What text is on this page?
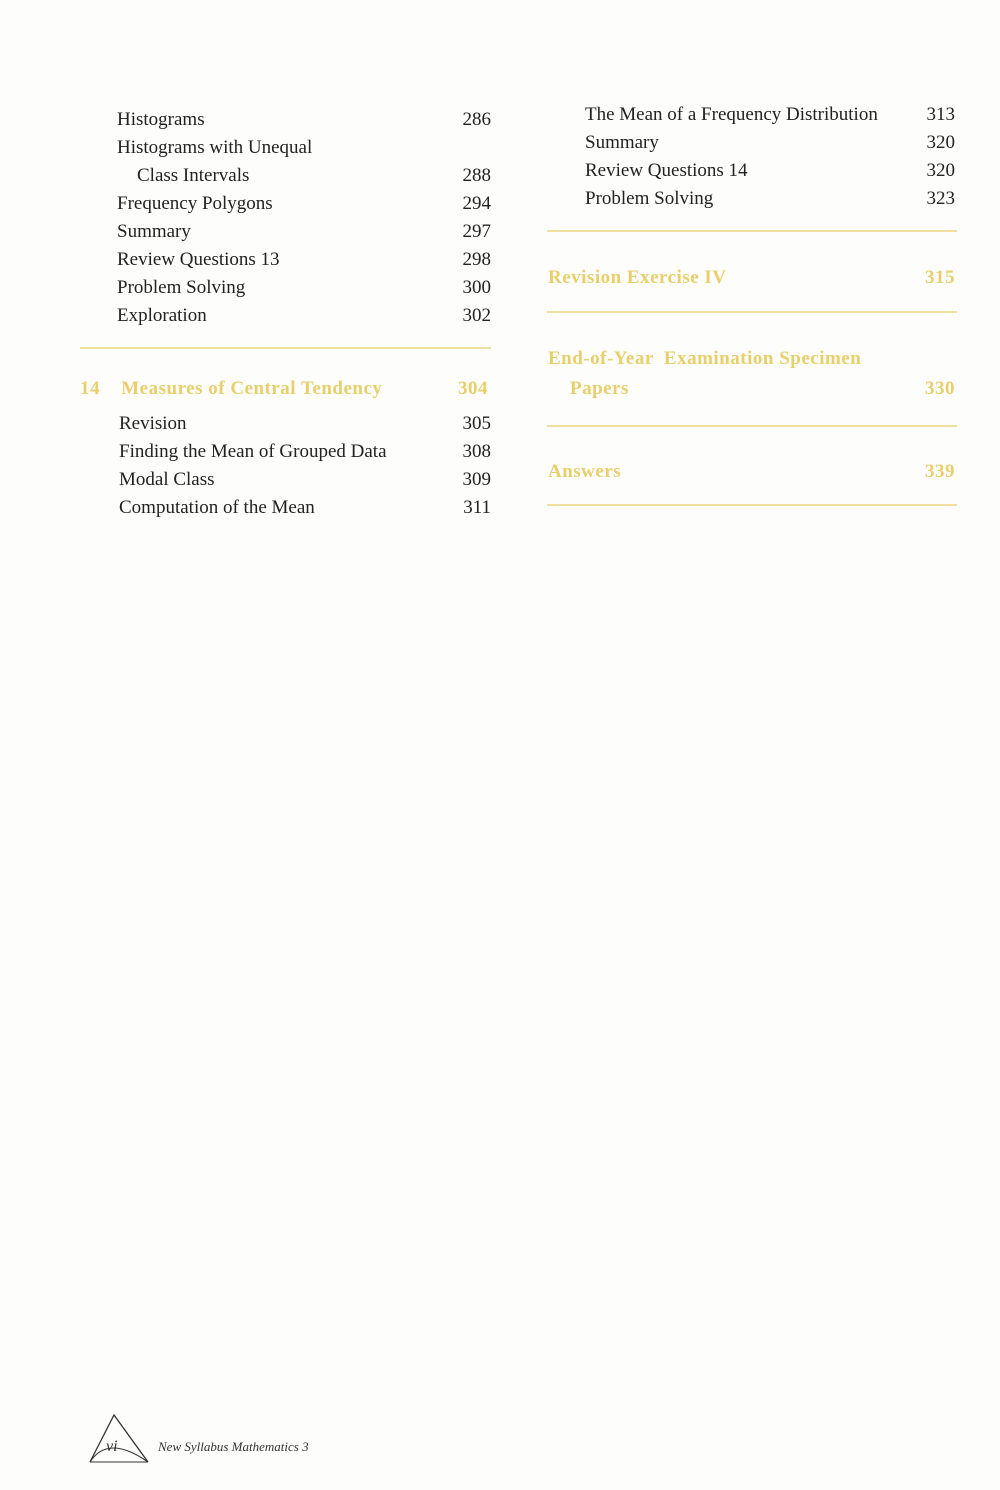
Histograms	286
Histograms with Unequal
Class Intervals	288
Frequency Polygons	294
Summary	297
Review Questions 13	298
Problem Solving	300
Exploration	302
14 Measures of Central Tendency	304
Revision	305
Finding the Mean of Grouped Data	308
Modal Class	309
Computation of the Mean	311
The Mean of a Frequency Distribution	313
Summary	320
Review Questions 14	320
Problem Solving	323
Revision Exercise IV	315
End-of-Year  Examination Specimen
Papers	330
Answers	339
vi	New Syllabus Mathematics 3
